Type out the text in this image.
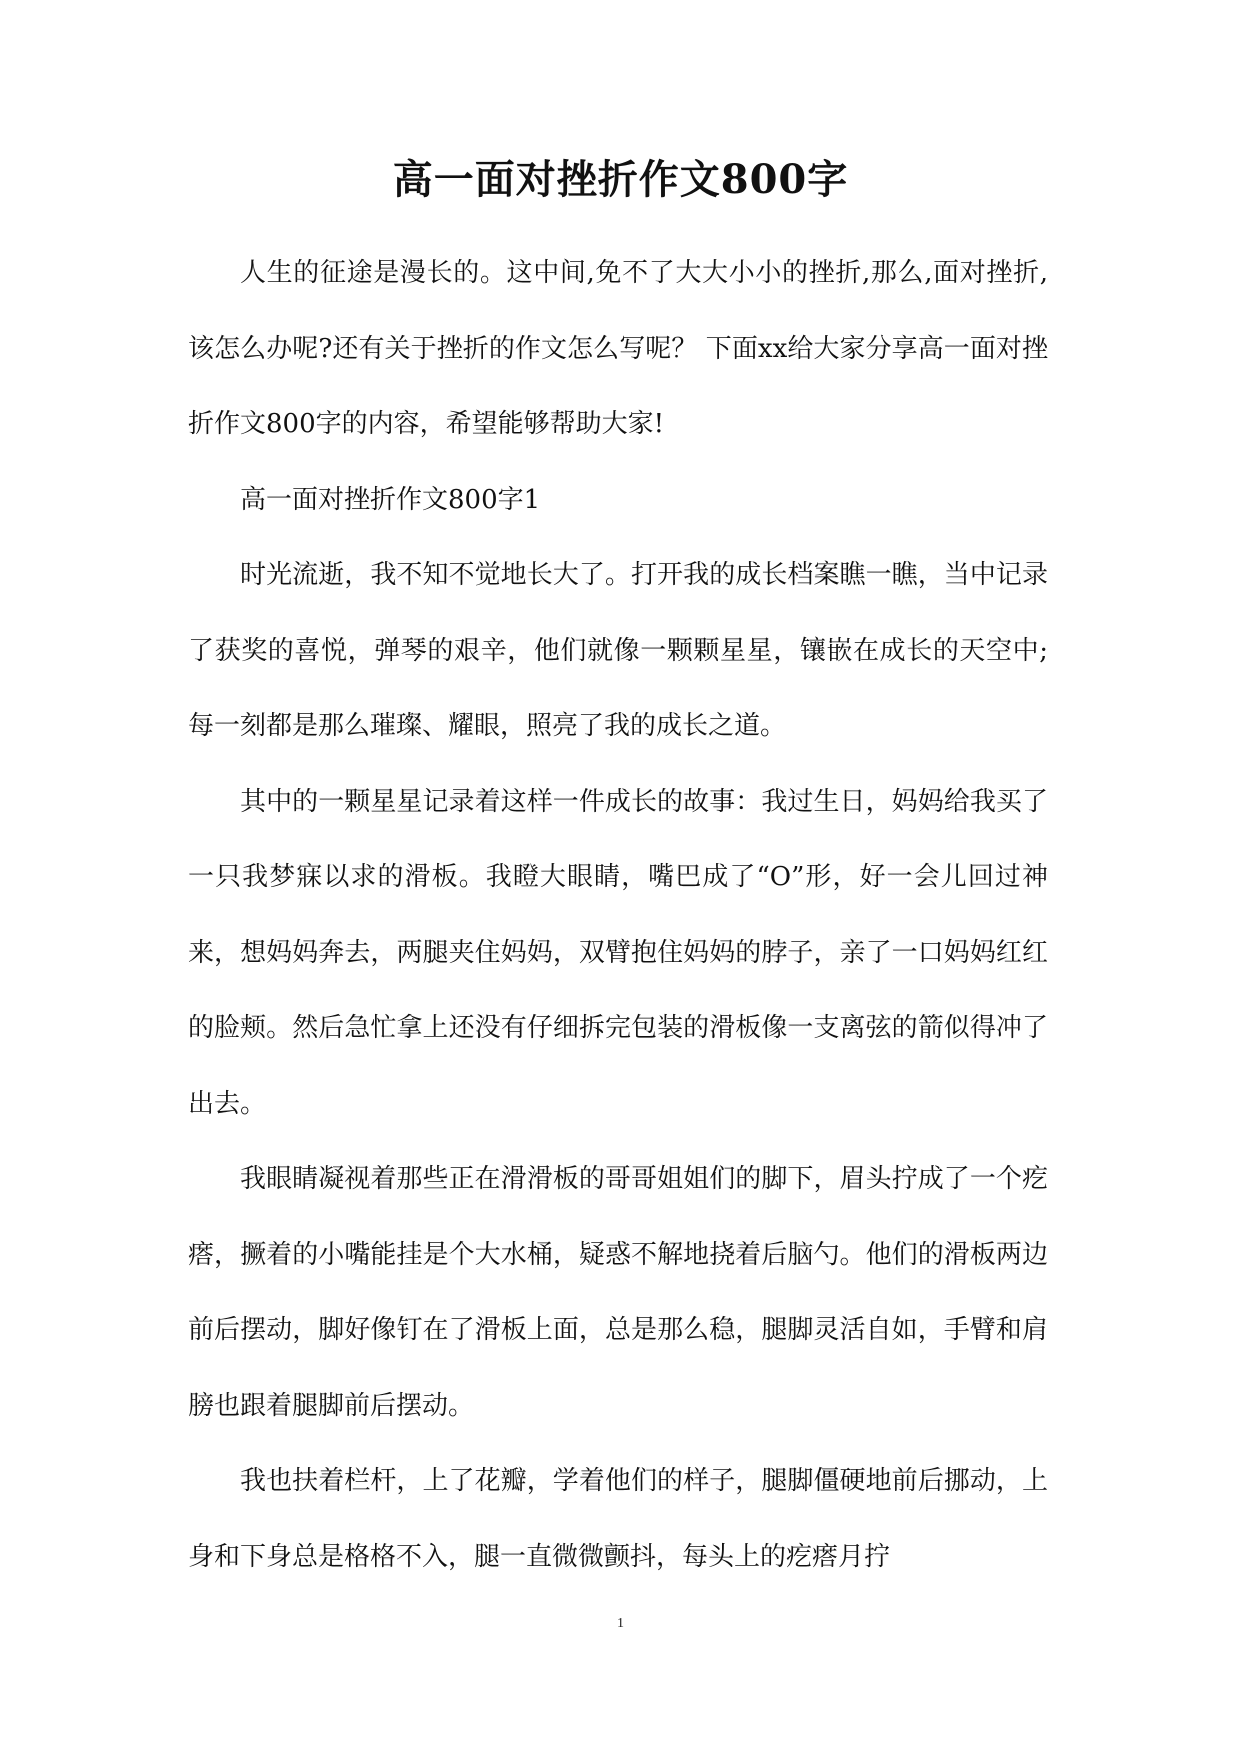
高一面对挫折作文800字

人生的征途是漫长的。这中间,免不了大大小小的挫折,那么,面对挫折,该怎么办呢?还有关于挫折的作文怎么写呢？ 下面xx给大家分享高一面对挫折作文800字的内容，希望能够帮助大家!

高一面对挫折作文800字1

时光流逝，我不知不觉地长大了。打开我的成长档案瞧一瞧，当中记录了获奖的喜悦，弹琴的艰辛，他们就像一颗颗星星，镶嵌在成长的天空中;每一刻都是那么璀璨、耀眼，照亮了我的成长之道。

其中的一颗星星记录着这样一件成长的故事：我过生日，妈妈给我买了一只我梦寐以求的滑板。我瞪大眼睛，嘴巴成了“O”形，好一会儿回过神来，想妈妈奔去，两腿夹住妈妈，双臂抱住妈妈的脖子，亲了一口妈妈红红的脸颊。然后急忙拿上还没有仔细拆完包装的滑板像一支离弦的箭似得冲了出去。

我眼睛凝视着那些正在滑滑板的哥哥姐姐们的脚下，眉头拧成了一个疙瘩，撅着的小嘴能挂是个大水桶，疑惑不解地挠着后脑勺。他们的滑板两边前后摆动，脚好像钉在了滑板上面，总是那么稳，腿脚灵活自如，手臂和肩膀也跟着腿脚前后摆动。

我也扶着栏杆，上了花瓣，学着他们的样子，腿脚僵硬地前后挪动，上身和下身总是格格不入，腿一直微微颤抖，每头上的疙瘩月拧

1
